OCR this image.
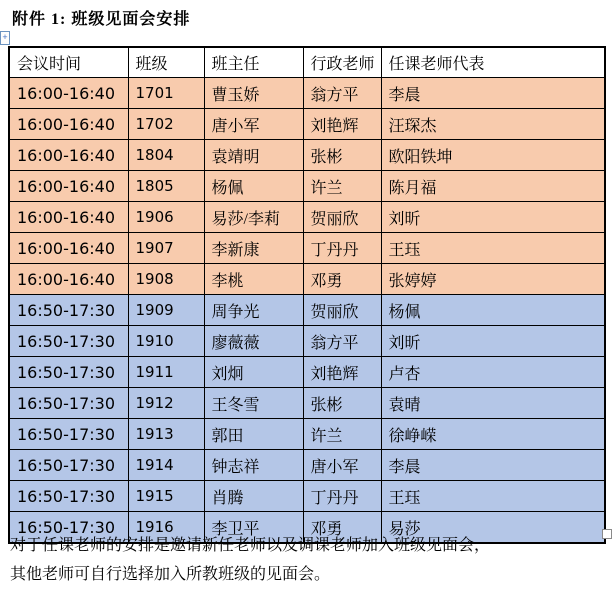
附件 1: 班级见面会安排
+
会议时间	班级	班主任	行政老师	任课老师代表
16:00-16:40	1701	曹玉娇	翁方平	李晨
16:00-16:40	1702	唐小军	刘艳辉	汪琛杰
16:00-16:40	1804	袁靖明	张彬	欧阳铁坤
16:00-16:40	1805	杨佩	许兰	陈月福
16:00-16:40	1906	易莎/李莉	贺丽欣	刘昕
16:00-16:40	1907	李新康	丁丹丹	王珏
16:00-16:40	1908	李桃	邓勇	张婷婷
16:50-17:30	1909	周争光	贺丽欣	杨佩
16:50-17:30	1910	廖薇薇	翁方平	刘昕
16:50-17:30	1911	刘炯	刘艳辉	卢杏
16:50-17:30	1912	王冬雪	张彬	袁晴
16:50-17:30	1913	郭田	许兰	徐峥嵘
16:50-17:30	1914	钟志祥	唐小军	李晨
16:50-17:30	1915	肖腾	丁丹丹	王珏
16:50-17:30	1916	李卫平	邓勇	易莎
对于任课老师的安排是邀请新任老师以及调课老师加入班级见面会，
其他老师可自行选择加入所教班级的见面会。
